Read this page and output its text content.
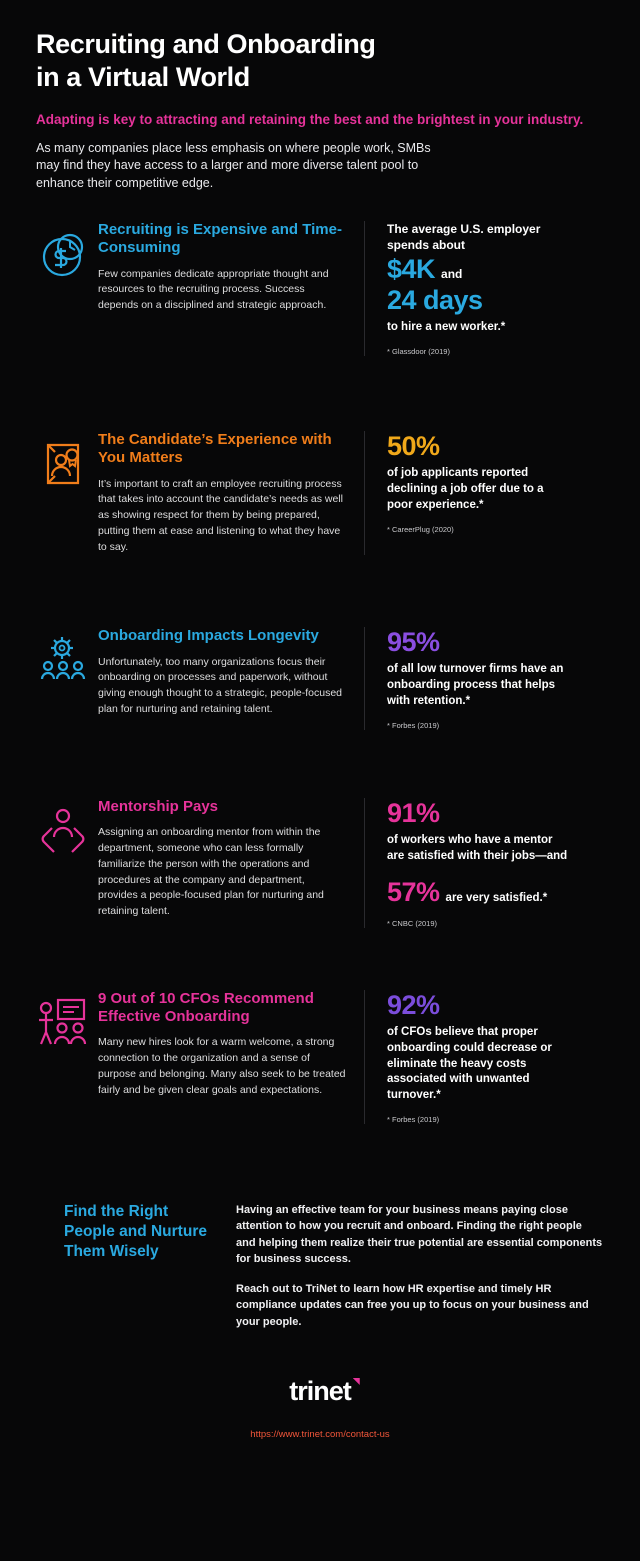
Recruiting and Onboarding
in a Virtual World
Adapting is key to attracting and retaining the best and the brightest in your industry.
As many companies place less emphasis on where people work, SMBs may find they have access to a larger and more diverse talent pool to enhance their competitive edge.
Recruiting is Expensive and Time-Consuming
Few companies dedicate appropriate thought and resources to the recruiting process. Success depends on a disciplined and strategic approach.
The average U.S. employer spends about
$4K and
24 days
to hire a new worker.*
* Glassdoor (2019)
The Candidate’s Experience with You Matters
It’s important to craft an employee recruiting process that takes into account the candidate’s needs as well as showing respect for them by being prepared, putting them at ease and listening to what they have to say.
50%
of job applicants reported declining a job offer due to a poor experience.*
* CareerPlug (2020)
Onboarding Impacts Longevity
Unfortunately, too many organizations focus their onboarding on processes and paperwork, without giving enough thought to a strategic, people-focused plan for nurturing and retaining talent.
95%
of all low turnover firms have an onboarding process that helps with retention.*
* Forbes (2019)
Mentorship Pays
Assigning an onboarding mentor from within the department, someone who can less formally familiarize the person with the operations and procedures at the company and department, provides a people-focused plan for nurturing and retaining talent.
91%
of workers who have a mentor are satisfied with their jobs—and
57% are very satisfied.*
* CNBC (2019)
9 Out of 10 CFOs Recommend Effective Onboarding
Many new hires look for a warm welcome, a strong connection to the organization and a sense of purpose and belonging. Many also seek to be treated fairly and be given clear goals and expectations.
92%
of CFOs believe that proper onboarding could decrease or eliminate the heavy costs associated with unwanted turnover.*
* Forbes (2019)
Find the Right People and Nurture Them Wisely
Having an effective team for your business means paying close attention to how you recruit and onboard. Finding the right people and helping them realize their true potential are essential components for business success.
Reach out to TriNet to learn how HR expertise and timely HR compliance updates can free you up to focus on your business and your people.
trinet
https://www.trinet.com/contact-us
